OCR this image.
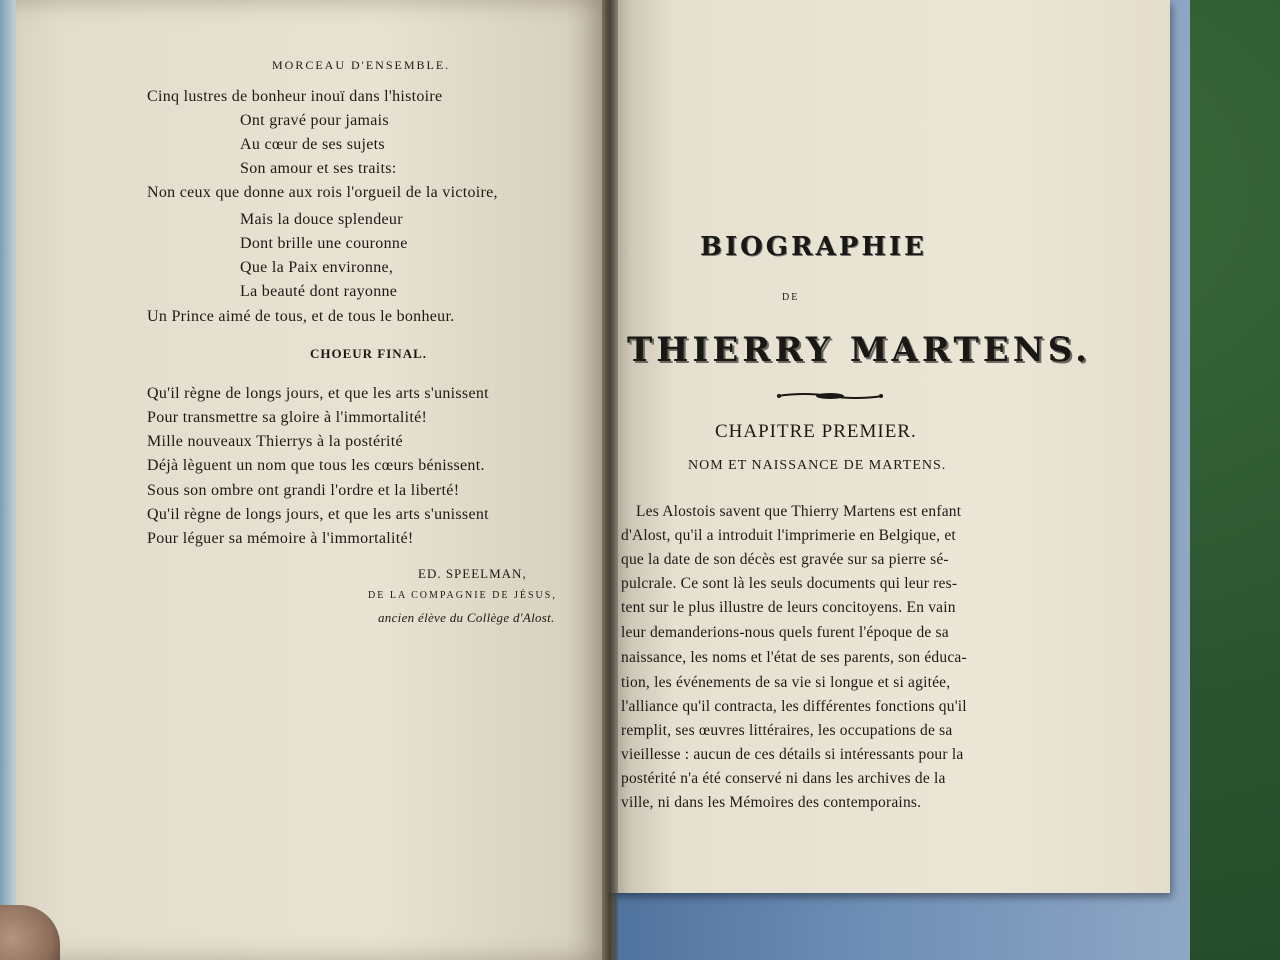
MORCEAU D'ENSEMBLE.
Cinq lustres de bonheur inouï dans l'histoire
Ont gravé pour jamais
Au cœur de ses sujets
Son amour et ses traits:
Non ceux que donne aux rois l'orgueil de la victoire,
Mais la douce splendeur
Dont brille une couronne
Que la Paix environne,
La beauté dont rayonne
Un Prince aimé de tous, et de tous le bonheur.
CHOEUR FINAL.
Qu'il règne de longs jours, et que les arts s'unissent
Pour transmettre sa gloire à l'immortalité!
Mille nouveaux Thierrys à la postérité
Déjà lèguent un nom que tous les cœurs bénissent.
Sous son ombre ont grandi l'ordre et la liberté!
Qu'il règne de longs jours, et que les arts s'unissent
Pour léguer sa mémoire à l'immortalité!
ED. SPEELMAN,
DE LA COMPAGNIE DE JÉSUS,
ancien élève du Collège d'Alost.
BIOGRAPHIE
DE
THIERRY MARTENS.
CHAPITRE PREMIER.
NOM ET NAISSANCE DE MARTENS.
Les Alostois savent que Thierry Martens est enfant
d'Alost, qu'il a introduit l'imprimerie en Belgique, et
que la date de son décès est gravée sur sa pierre sé-
pulcrale. Ce sont là les seuls documents qui leur res-
tent sur le plus illustre de leurs concitoyens. En vain
leur demanderions-nous quels furent l'époque de sa
naissance, les noms et l'état de ses parents, son éduca-
tion, les événements de sa vie si longue et si agitée,
l'alliance qu'il contracta, les différentes fonctions qu'il
remplit, ses œuvres littéraires, les occupations de sa
vieillesse : aucun de ces détails si intéressants pour la
postérité n'a été conservé ni dans les archives de la
ville, ni dans les Mémoires des contemporains.
